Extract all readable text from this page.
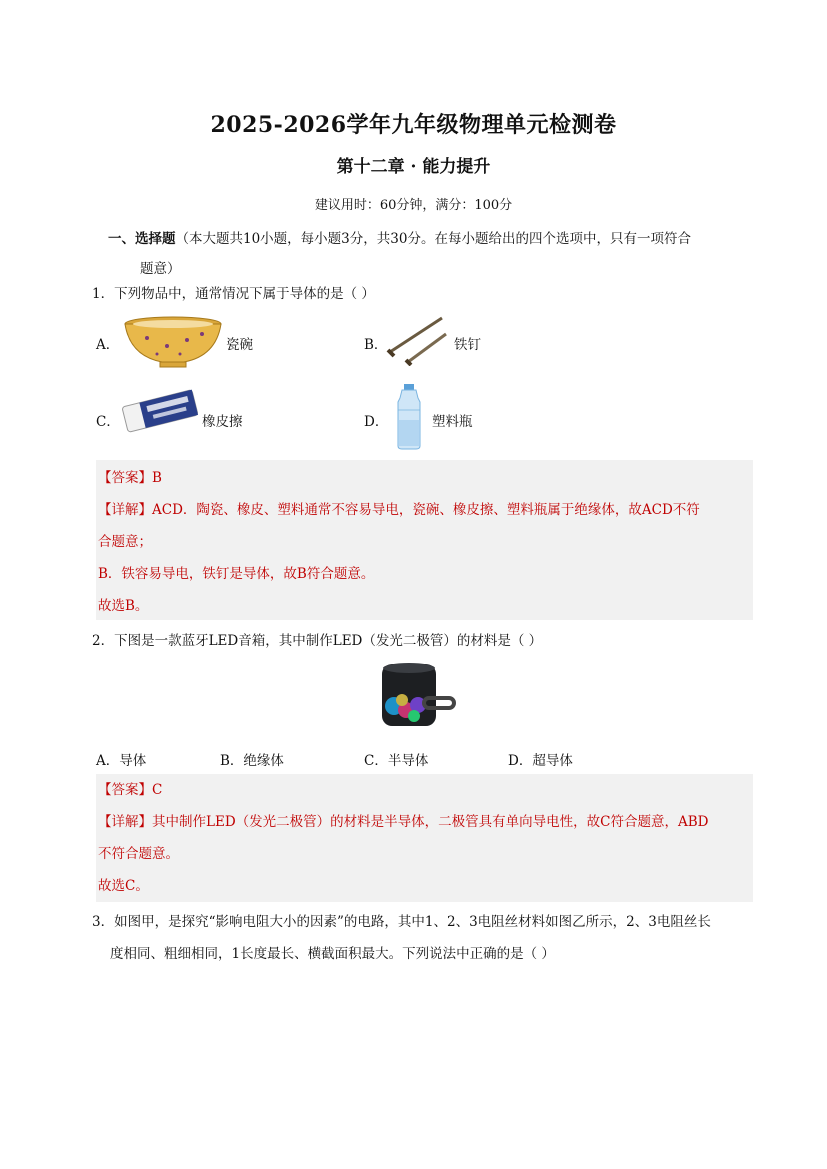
2025-2026学年九年级物理单元检测卷
第十二章 · 能力提升
建议用时：60分钟，满分：100分
一、选择题（本大题共10小题，每小题3分，共30分。在每小题给出的四个选项中，只有一项符合
题意）
1．下列物品中，通常情况下属于导体的是（ ）
A．	瓷碗	B．	铁钉
C．	橡皮擦	D．	塑料瓶
【答案】B
【详解】ACD．陶瓷、橡皮、塑料通常不容易导电，瓷碗、橡皮擦、塑料瓶属于绝缘体，故ACD不符
合题意；
B．铁容易导电，铁钉是导体，故B符合题意。
故选B。
2．下图是一款蓝牙LED音箱，其中制作LED（发光二极管）的材料是（ ）
A．导体	B．绝缘体	C．半导体	D．超导体
【答案】C
【详解】其中制作LED（发光二极管）的材料是半导体，二极管具有单向导电性，故C符合题意，ABD
不符合题意。
故选C。
3．如图甲，是探究“影响电阻大小的因素”的电路，其中1、2、3电阻丝材料如图乙所示，2、3电阻丝长
度相同、粗细相同，1长度最长、横截面积最大。下列说法中正确的是（ ）
